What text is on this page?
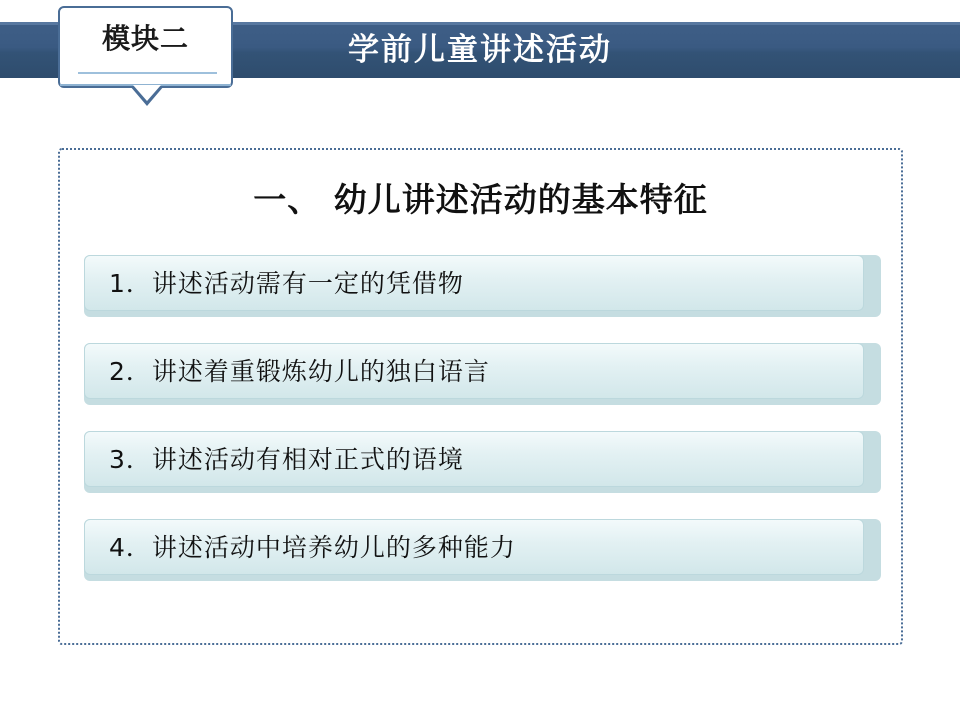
学前儿童讲述活动
模块二
一、 幼儿讲述活动的基本特征
1．讲述活动需有一定的凭借物
2．讲述着重锻炼幼儿的独白语言
3．讲述活动有相对正式的语境
4．讲述活动中培养幼儿的多种能力
